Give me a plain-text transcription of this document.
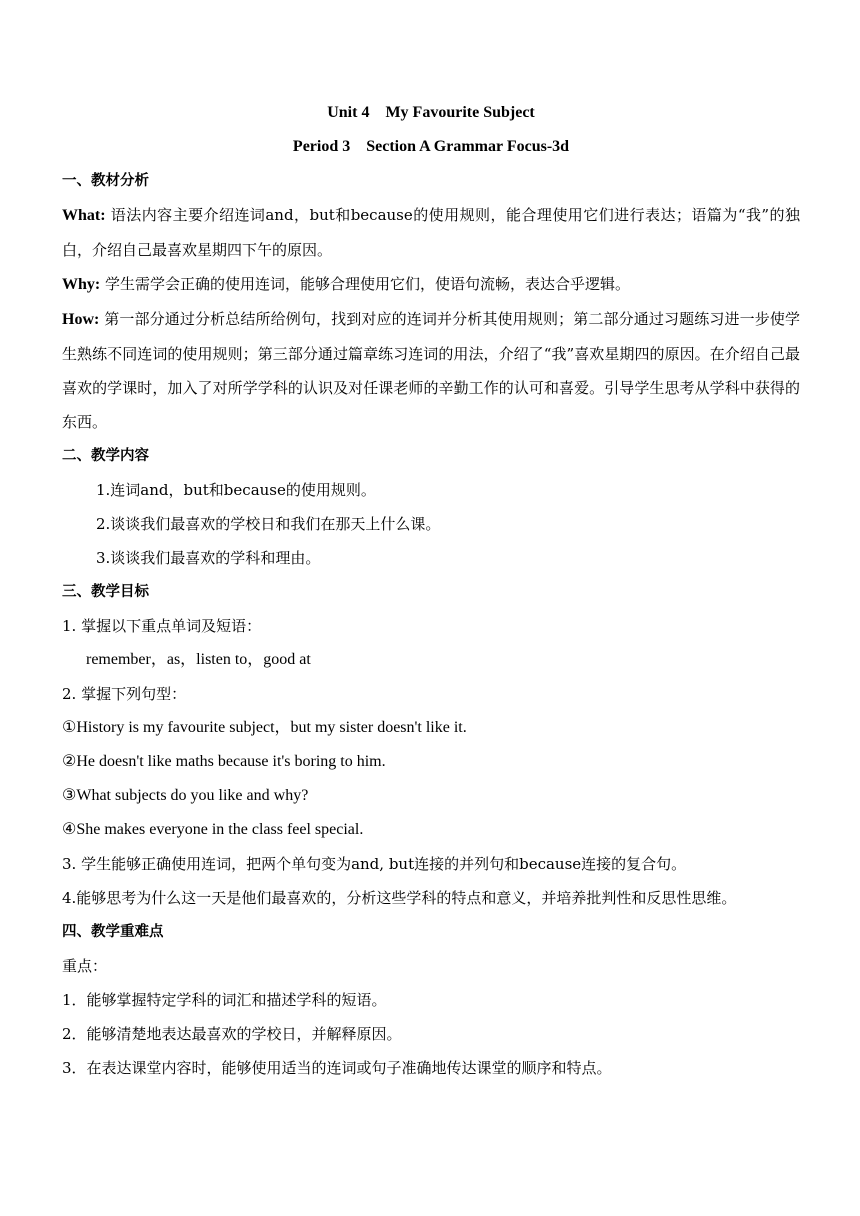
Unit 4　My Favourite Subject
Period 3　Section A Grammar Focus-3d
一、教材分析
What: 语法内容主要介绍连词and，but和because的使用规则，能合理使用它们进行表达；语篇为“我”的独白，介绍自己最喜欢星期四下午的原因。
Why: 学生需学会正确的使用连词，能够合理使用它们，使语句流畅，表达合乎逻辑。
How: 第一部分通过分析总结所给例句，找到对应的连词并分析其使用规则；第二部分通过习题练习进一步使学生熟练不同连词的使用规则；第三部分通过篇章练习连词的用法，介绍了“我”喜欢星期四的原因。在介绍自己最喜欢的学课时，加入了对所学学科的认识及对任课老师的辛勤工作的认可和喜爱。引导学生思考从学科中获得的东西。
二、教学内容
1.连词and，but和because的使用规则。
2.谈谈我们最喜欢的学校日和我们在那天上什么课。
3.谈谈我们最喜欢的学科和理由。
三、教学目标
1. 掌握以下重点单词及短语：
remember，as，listen to，good at
2. 掌握下列句型：
①History is my favourite subject，but my sister doesn't like it.
②He doesn't like maths because it's boring to him.
③What subjects do you like and why?
④She makes everyone in the class feel special.
3. 学生能够正确使用连词，把两个单句变为and, but连接的并列句和because连接的复合句。
4.能够思考为什么这一天是他们最喜欢的，分析这些学科的特点和意义，并培养批判性和反思性思维。
四、教学重难点
重点：
1．能够掌握特定学科的词汇和描述学科的短语。
2．能够清楚地表达最喜欢的学校日，并解释原因。
3．在表达课堂内容时，能够使用适当的连词或句子准确地传达课堂的顺序和特点。
